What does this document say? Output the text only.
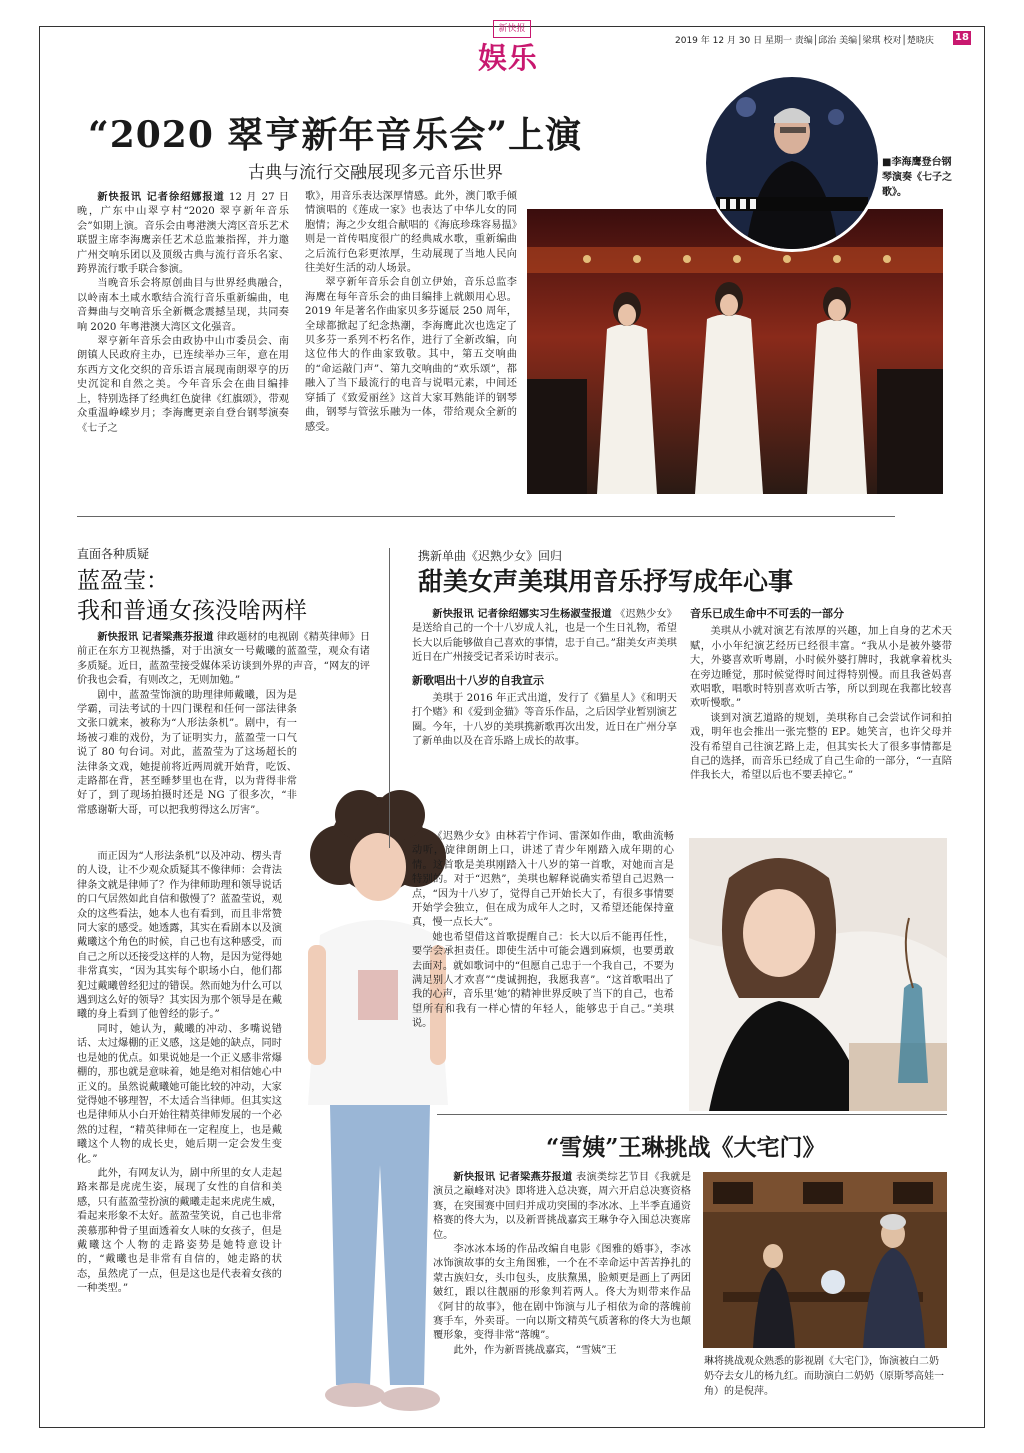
新快报
娱乐	2019 年 12 月 30 日 星期一 责编│邱治 美编│梁琪 校对│楚晓庆 18
“2020 翠亨新年音乐会”上演
古典与流行交融展现多元音乐世界

新快报讯 记者徐绍娜报道 12 月 27 日晚，广东中山翠亨村“2020 翠亨新年音乐会”如期上演。音乐会由粤港澳大湾区音乐艺术联盟主席李海鹰亲任艺术总监兼指挥，并力邀广州交响乐团以及顶级古典与流行音乐名家、跨界流行歌手联合参演。

当晚音乐会将原创曲目与世界经典融合，以岭南本土咸水歌结合流行音乐重新编曲，电音舞曲与交响音乐全新概念震撼呈现，共同奏响 2020 年粤港澳大湾区文化强音。

翠亨新年音乐会由政协中山市委员会、南朗镇人民政府主办，已连续举办三年，意在用东西方文化交织的音乐语言展现南朗翠亨的历史沉淀和自然之美。今年音乐会在曲目编排上，特别选择了经典红色旋律《红旗颂》，带观众重温峥嵘岁月；李海鹰更亲自登台钢琴演奏《七子之

歌》，用音乐表达深厚情感。此外，澳门歌手倾情演唱的《莲成一家》也表达了中华儿女的同胞情；海之少女组合献唱的《海底珍珠容易揾》则是一首传唱度很广的经典咸水歌，重新编曲之后流行色彩更浓厚，生动展现了当地人民向往美好生活的动人场景。

翠亨新年音乐会自创立伊始，音乐总监李海鹰在每年音乐会的曲目编排上就颇用心思。2019 年是著名作曲家贝多芬诞辰 250 周年，全球都掀起了纪念热潮，李海鹰此次也选定了贝多芬一系列不朽名作，进行了全新改编，向这位伟大的作曲家致敬。其中，第五交响曲的“命运敲门声”、第九交响曲的“欢乐颂”，都融入了当下最流行的电音与说唱元素，中间还穿插了《致爱丽丝》这首大家耳熟能详的钢琴曲，钢琴与管弦乐融为一体，带给观众全新的感受。

■李海鹰登台钢琴演奏《七子之歌》。
直面各种质疑
蓝盈莹：
我和普通女孩没啥两样

新快报讯 记者梁燕芬报道 律政题材的电视剧《精英律师》日前正在东方卫视热播，对于出演女一号戴曦的蓝盈莹，观众有诸多质疑。近日，蓝盈莹接受媒体采访谈到外界的声音，“网友的评价我也会看，有则改之，无则加勉。”

剧中，蓝盈莹饰演的助理律师戴曦，因为是学霸，司法考试的十四门课程和任何一部法律条文张口就来，被称为“人形法条机”。剧中，有一场被刁难的戏份，为了证明实力，蓝盈莹一口气说了 80 句台词。对此，蓝盈莹为了这场超长的法律条文戏，她提前将近两周就开始背，吃饭、走路都在背，甚至睡梦里也在背，以为背得非常好了，到了现场拍摄时还是 NG 了很多次，“非常感谢靳大哥，可以把我剪得这么厉害”。

而正因为“人形法条机”以及冲动、楞头青的人设，让不少观众质疑其不像律师：会背法律条文就是律师了？作为律师助理和领导说话的口气居然如此自信和傲慢了？蓝盈莹说，观众的这些看法，她本人也有看到，而且非常赞同大家的感受。她透露，其实在看剧本以及演戴曦这个角色的时候，自己也有这种感受，而自己之所以还接受这样的人物，是因为觉得她非常真实，“因为其实每个职场小白，他们都犯过戴曦曾经犯过的错误。然而她为什么可以遇到这么好的领导？其实因为那个领导是在戴曦的身上看到了他曾经的影子。”

同时，她认为，戴曦的冲动、多嘴说错话、太过爆棚的正义感，这是她的缺点，同时也是她的优点。如果说她是一个正义感非常爆棚的，那也就是意味着，她是绝对相信她心中正义的。虽然说戴曦她可能比较的冲动，大家觉得她不够理智，不太适合当律师。但其实这也是律师从小白开始往精英律师发展的一个必然的过程，“精英律师在一定程度上，也是戴曦这个人物的成长史，她后期一定会发生变化。”

此外，有网友认为，剧中所里的女人走起路来都是虎虎生姿，展现了女性的自信和美感，只有蓝盈莹扮演的戴曦走起来虎虎生威，看起来形象不太好。蓝盈莹笑说，自己也非常羡慕那种骨子里面透着女人味的女孩子，但是戴曦这个人物的走路姿势是她特意设计的，“戴曦也是非常有自信的，她走路的状态，虽然虎了一点，但是这也是代表着女孩的一种类型。”

携新单曲《迟熟少女》回归
甜美女声美琪用音乐抒写成年心事

新快报讯 记者徐绍娜实习生杨淑莹报道 《迟熟少女》是送给自己的一个十八岁成人礼，也是一个生日礼物，希望长大以后能够做自己喜欢的事情，忠于自己。”甜美女声美琪近日在广州接受记者采访时表示。

新歌唱出十八岁的自我宣示

美琪于 2016 年正式出道，发行了《猫星人》《和明天打个赌》和《爱到金猫》等音乐作品，之后因学业暂别演艺圈。今年，十八岁的美琪携新歌再次出发，近日在广州分享了新单曲以及在音乐路上成长的故事。

《迟熟少女》由林若宁作词、雷深如作曲，歌曲流畅动听，旋律朗朗上口，讲述了青少年刚踏入成年期的心情。这首歌是美琪刚踏入十八岁的第一首歌，对她而言是特别的。对于“迟熟”，美琪也解释说确实希望自己迟熟一点，“因为十八岁了，觉得自己开始长大了，有很多事情要开始学会独立，但在成为成年人之时，又希望还能保持童真，慢一点长大”。

她也希望借这首歌提醒自己：长大以后不能再任性，要学会承担责任。即使生活中可能会遇到麻烦，也要勇敢去面对。就如歌词中的“但愿自己忠于一个我自己，不要为满足别人才欢喜”“虔诚拥抱，我愿我喜”。“这首歌唱出了我的心声，音乐里‘她’的精神世界反映了当下的自己，也希望所有和我有一样心情的年轻人，能够忠于自己。”美琪说。

音乐已成生命中不可丢的一部分

美琪从小就对演艺有浓厚的兴趣，加上自身的艺术天赋，小小年纪演艺经历已经很丰富。“我从小是被外婆带大，外婆喜欢听粤剧，小时候外婆打牌时，我就拿着枕头在旁边睡觉，那时候觉得时间过得特别慢。而且我爸妈喜欢唱歌，唱歌时特别喜欢听古筝，所以到现在我都比较喜欢听慢歌。”

谈到对演艺道路的规划，美琪称自己会尝试作词和拍戏，明年也会推出一张完整的 EP。她笑言，也许父母并没有希望自己往演艺路上走，但其实长大了很多事情都是自己的选择，而音乐已经成了自己生命的一部分，“一直陪伴我长大，希望以后也不要丢掉它。”

“雪姨”王琳挑战《大宅门》

新快报讯 记者梁燕芬报道 表演类综艺节目《我就是演员之巅峰对决》即将进入总决赛，周六开启总决赛资格赛，在突围赛中回归并成功突围的李冰冰、上半季直通资格赛的佟大为，以及新晋挑战嘉宾王琳争夺入围总决赛席位。

李冰冰本场的作品改编自电影《图雅的婚事》，李冰冰饰演故事的女主角图雅，一个在不幸命运中苦苦挣扎的蒙古族妇女，头巾包头，皮肤黧黑，脸颊更是画上了两团皴红，跟以往靓丽的形象判若两人。佟大为则带来作品《阿甘的故事》，他在剧中饰演与儿子相依为命的落魄前赛手车，外卖哥。一向以斯文精英气质著称的佟大为也颠覆形象，变得非常“落魄”。

此外，作为新晋挑战嘉宾，“雪姨”王

琳将挑战观众熟悉的影视剧《大宅门》，饰演被白二奶奶夺去女儿的杨九红。而助演白二奶奶（原斯琴高娃一角）的是倪萍。
